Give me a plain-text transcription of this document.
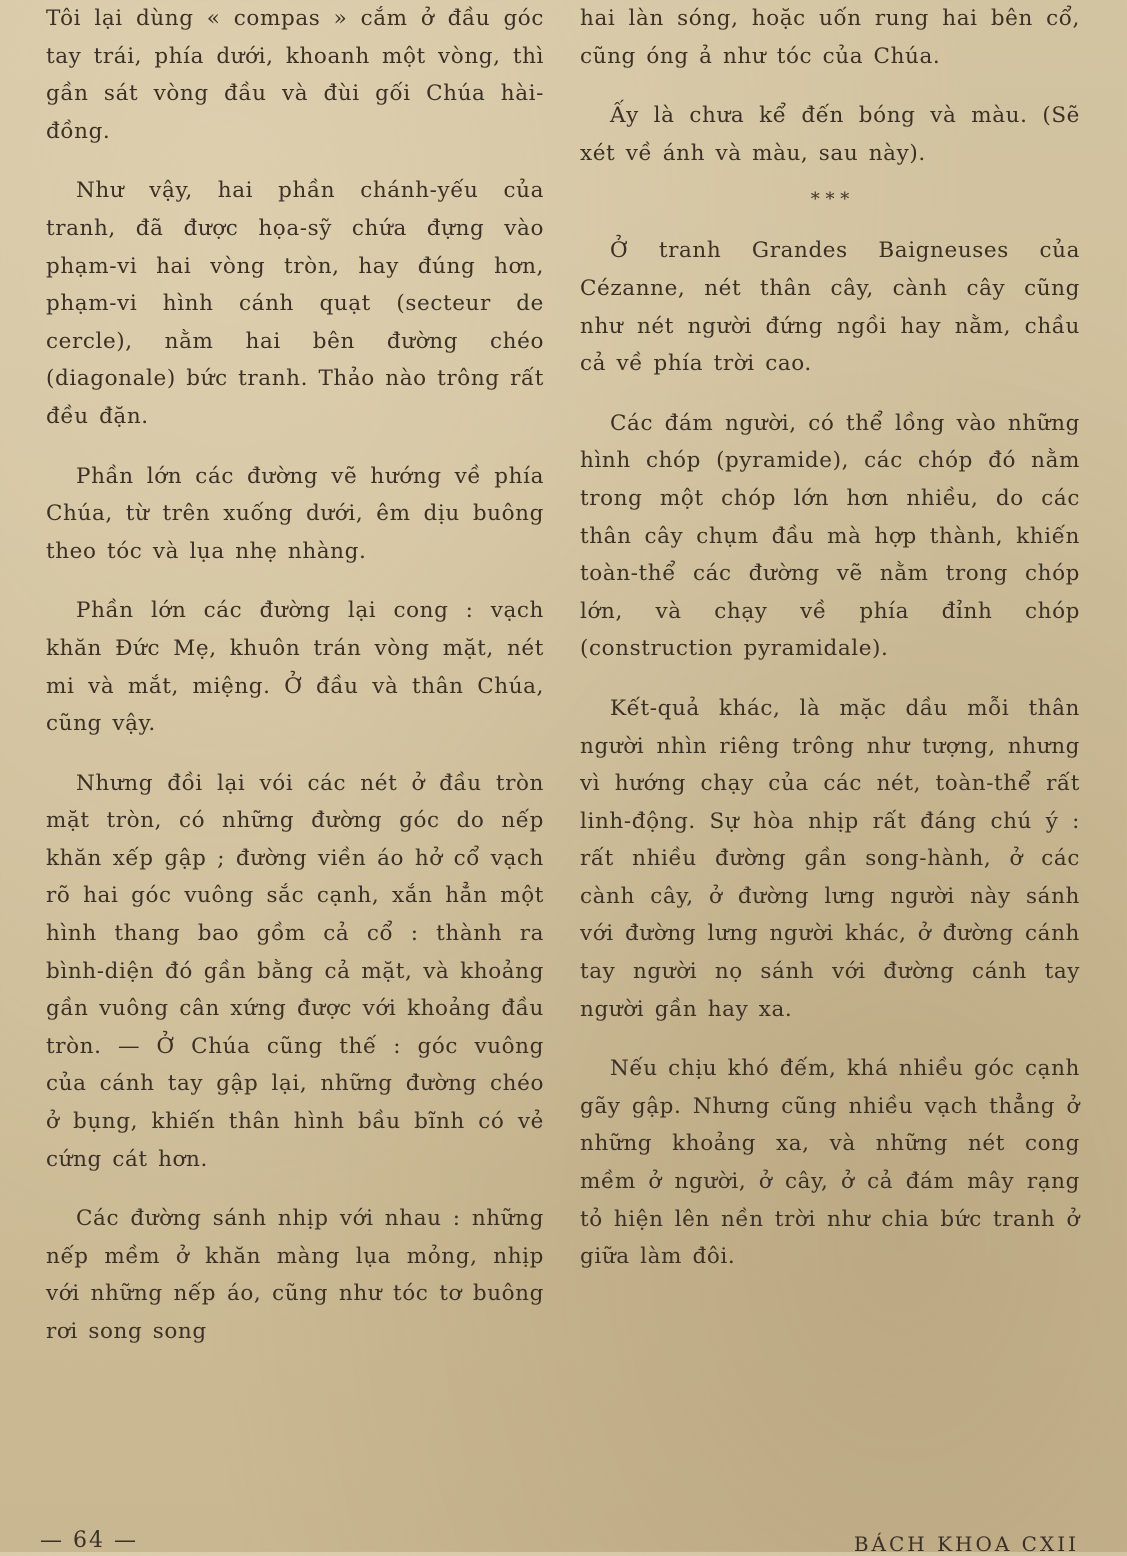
Tôi lại dùng « compas » cắm ở đầu góc tay trái, phía dưới, khoanh một vòng, thì gần sát vòng đầu và đùi gối Chúa hài-đồng.

Như vậy, hai phần chánh-yếu của tranh, đã được họa-sỹ chứa đựng vào phạm-vi hai vòng tròn, hay đúng hơn, phạm-vi hình cánh quạt (secteur de cercle), nằm hai bên đường chéo (diagonale) bức tranh. Thảo nào trông rất đều đặn.

Phần lớn các đường vẽ hướng về phía Chúa, từ trên xuống dưới, êm dịu buông theo tóc và lụa nhẹ nhàng.

Phần lớn các đường lại cong : vạch khăn Đức Mẹ, khuôn trán vòng mặt, nét mi và mắt, miệng. Ở đầu và thân Chúa, cũng vậy.

Nhưng đồi lại vói các nét ở đầu tròn mặt tròn, có những đường góc do nếp khăn xếp gập ; đường viền áo hở cổ vạch rõ hai góc vuông sắc cạnh, xắn hẳn một hình thang bao gồm cả cổ : thành ra bình-diện đó gần bằng cả mặt, và khoảng gần vuông cân xứng được với khoảng đầu tròn. — Ở Chúa cũng thế : góc vuông của cánh tay gập lại, những đường chéo ở bụng, khiến thân hình bầu bĩnh có vẻ cứng cát hơn.

Các đường sánh nhịp với nhau : những nếp mềm ở khăn màng lụa mỏng, nhịp với những nếp áo, cũng như tóc tơ buông rơi song song

hai làn sóng, hoặc uốn rung hai bên cổ, cũng óng ả như tóc của Chúa.

Ấy là chưa kể đến bóng và màu. (Sẽ xét về ánh và màu, sau này).

* * *

Ở tranh Grandes Baigneuses của Cézanne, nét thân cây, cành cây cũng như nét người đứng ngồi hay nằm, chầu cả về phía trời cao.

Các đám người, có thể lồng vào những hình chóp (pyramide), các chóp đó nằm trong một chóp lớn hơn nhiều, do các thân cây chụm đầu mà hợp thành, khiến toàn-thể các đường vẽ nằm trong chóp lớn, và chạy về phía đỉnh chóp (construction pyramidale).

Kết-quả khác, là mặc dầu mỗi thân người nhìn riêng trông như tượng, nhưng vì hướng chạy của các nét, toàn-thể rất linh-động. Sự hòa nhịp rất đáng chú ý : rất nhiều đường gần song-hành, ở các cành cây, ở đường lưng người này sánh với đường lưng người khác, ở đường cánh tay người nọ sánh với đường cánh tay người gần hay xa.

Nếu chịu khó đếm, khá nhiều góc cạnh gãy gập. Nhưng cũng nhiều vạch thẳng ở những khoảng xa, và những nét cong mềm ở người, ở cây, ở cả đám mây rạng tỏ hiện lên nền trời như chia bức tranh ở giữa làm đôi.

— 64 —	BÁCH KHOA CXII
